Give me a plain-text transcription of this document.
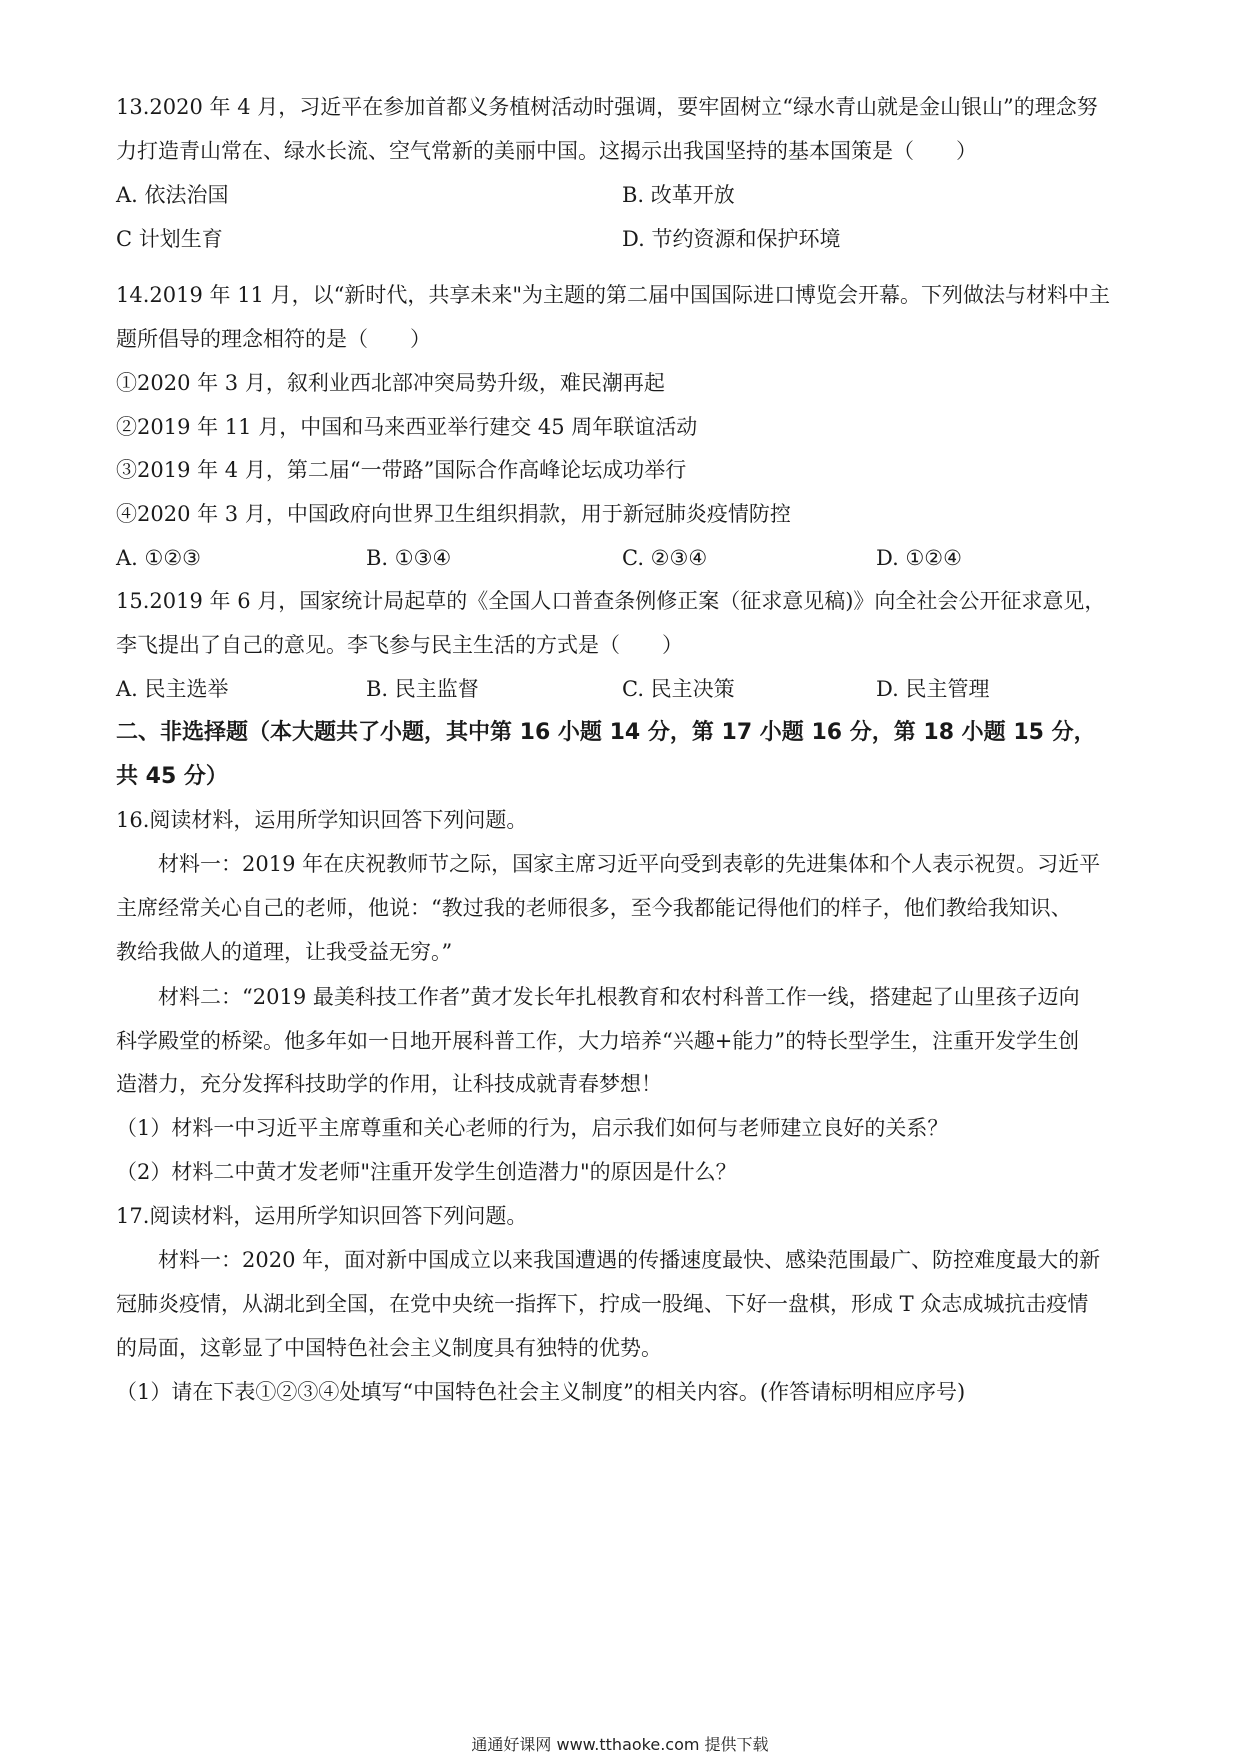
13.2020 年 4 月，习近平在参加首都义务植树活动时强调，要牢固树立“绿水青山就是金山银山”的理念努
力打造青山常在、绿水长流、空气常新的美丽中国。这揭示出我国坚持的基本国策是（　　）
A. 依法治国	B. 改革开放
C 计划生育	D. 节约资源和保护环境
14.2019 年 11 月，以“新时代，共享未来"为主题的第二届中国国际进口博览会开幕。下列做法与材料中主
题所倡导的理念相符的是（　　）
①2020 年 3 月，叙利业西北部冲突局势升级，难民潮再起
②2019 年 11 月，中国和马来西亚举行建交 45 周年联谊活动
③2019 年 4 月，第二届“一带路”国际合作高峰论坛成功举行
④2020 年 3 月，中国政府向世界卫生组织捐款，用于新冠肺炎疫情防控
A. ①②③	B. ①③④	C. ②③④	D. ①②④
15.2019 年 6 月，国家统计局起草的《全国人口普查条例修正案（征求意见稿)》向全社会公开征求意见，
李飞提出了自己的意见。李飞参与民主生活的方式是（　　）
A. 民主选举	B. 民主监督	C. 民主决策	D. 民主管理
二、非选择题（本大题共了小题，其中第 16 小题 14 分，第 17 小题 16 分，第 18 小题 15 分，
共 45 分）
16.阅读材料，运用所学知识回答下列问题。
材料一：2019 年在庆祝教师节之际，国家主席习近平向受到表彰的先进集体和个人表示祝贺。习近平
主席经常关心自己的老师，他说：“教过我的老师很多，至今我都能记得他们的样子，他们教给我知识、
教给我做人的道理，让我受益无穷。”
材料二：“2019 最美科技工作者”黄才发长年扎根教育和农村科普工作一线，搭建起了山里孩子迈向
科学殿堂的桥梁。他多年如一日地开展科普工作，大力培养“兴趣+能力”的特长型学生，注重开发学生创
造潜力，充分发挥科技助学的作用，让科技成就青春梦想！
（1）材料一中习近平主席尊重和关心老师的行为，启示我们如何与老师建立良好的关系？
（2）材料二中黄才发老师"注重开发学生创造潜力"的原因是什么？
17.阅读材料，运用所学知识回答下列问题。
材料一：2020 年，面对新中国成立以来我国遭遇的传播速度最快、感染范围最广、防控难度最大的新
冠肺炎疫情，从湖北到全国，在党中央统一指挥下，拧成一股绳、下好一盘棋，形成 T 众志成城抗击疫情
的局面，这彰显了中国特色社会主义制度具有独特的优势。
（1）请在下表①②③④处填写“中国特色社会主义制度”的相关内容。(作答请标明相应序号)
通通好课网 www.tthaoke.com 提供下载
